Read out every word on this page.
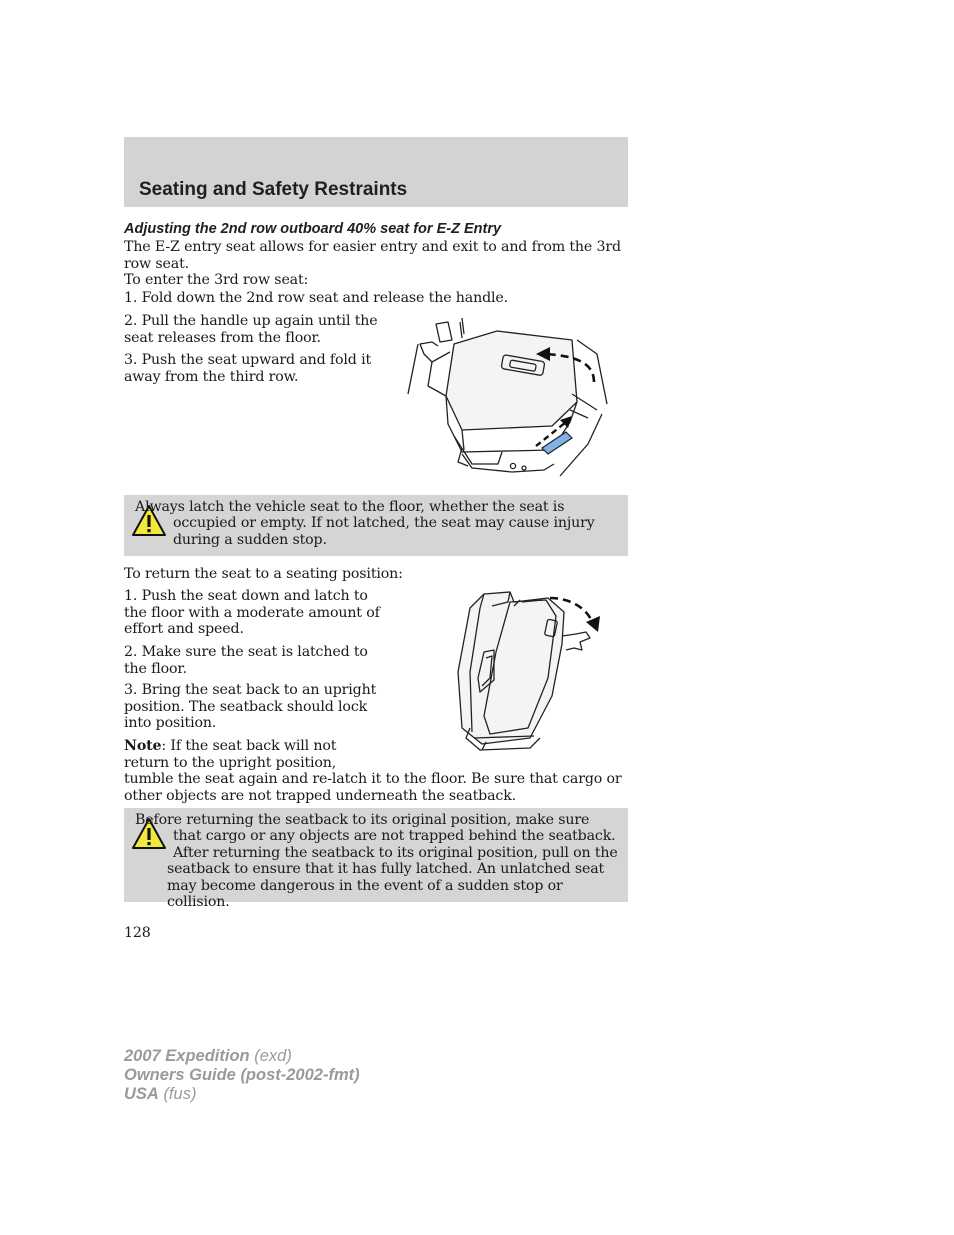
Seating and Safety Restraints
Adjusting the 2nd row outboard 40% seat for E-Z Entry

The E-Z entry seat allows for easier entry and exit to and from the 3rd row seat.

To enter the 3rd row seat:

1. Fold down the 2nd row seat and release the handle.

2. Pull the handle up again until the seat releases from the floor.

3. Push the seat upward and fold it away from the third row.

Always latch the vehicle seat to the floor, whether the seat is occupied or empty. If not latched, the seat may cause injury during a sudden stop.

To return the seat to a seating position:

1. Push the seat down and latch to the floor with a moderate amount of effort and speed.

2. Make sure the seat is latched to the floor.

3. Bring the seat back to an upright position. The seatback should lock into position.

Note: If the seat back will not return to the upright position,

tumble the seat again and re-latch it to the floor. Be sure that cargo or other objects are not trapped underneath the seatback.

Before returning the seatback to its original position, make sure that cargo or any objects are not trapped behind the seatback. After returning the seatback to its original position, pull on the seatback to ensure that it has fully latched. An unlatched seat may become dangerous in the event of a sudden stop or collision.
128
2007 Expedition (exd)
Owners Guide (post-2002-fmt)
USA (fus)
